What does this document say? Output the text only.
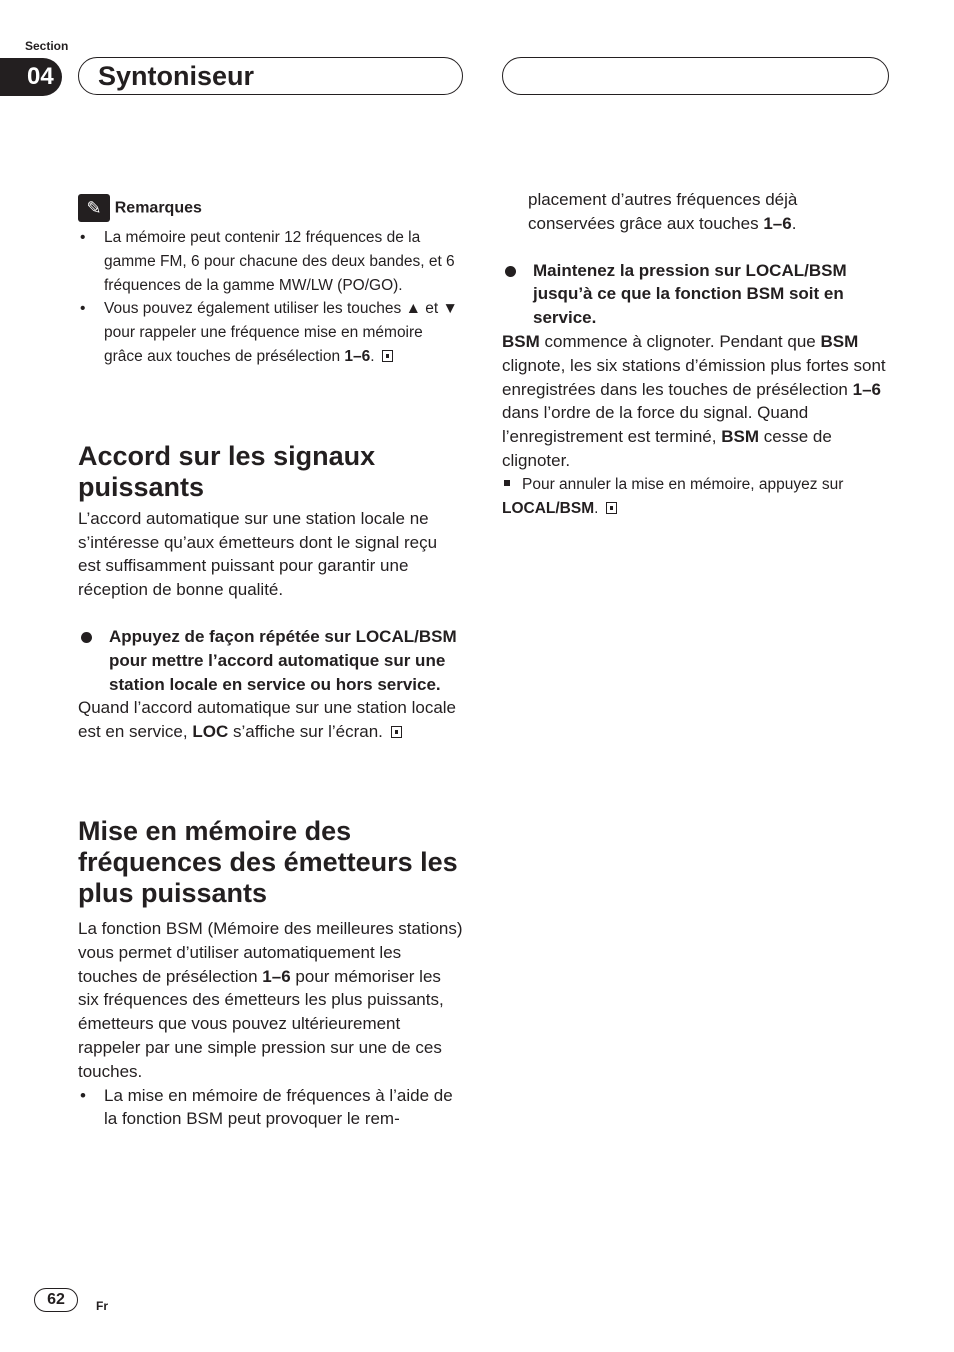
Section
04	Syntoniseur
✎ Remarques
• La mémoire peut contenir 12 fréquences de la gamme FM, 6 pour chacune des deux bandes, et 6 fréquences de la gamme MW/LW (PO/GO).
• Vous pouvez également utiliser les touches ▲ et ▼ pour rappeler une fréquence mise en mémoire grâce aux touches de présélection 1–6.
Accord sur les signaux puissants

L’accord automatique sur une station locale ne s’intéresse qu’aux émetteurs dont le signal reçu est suffisamment puissant pour garantir une réception de bonne qualité.

Appuyez de façon répétée sur LOCAL/BSM pour mettre l’accord automatique sur une station locale en service ou hors service.

Quand l’accord automatique sur une station locale est en service, LOC s’affiche sur l’écran.

Mise en mémoire des fréquences des émetteurs les plus puissants

La fonction BSM (Mémoire des meilleures stations) vous permet d’utiliser automatiquement les touches de présélection 1–6 pour mémoriser les six fréquences des émetteurs les plus puissants, émetteurs que vous pouvez ultérieurement rappeler par une simple pression sur une de ces touches.

• La mise en mémoire de fréquences à l’aide de la fonction BSM peut provoquer le rem-

placement d’autres fréquences déjà conservées grâce aux touches 1–6.

Maintenez la pression sur LOCAL/BSM jusqu’à ce que la fonction BSM soit en service.

BSM commence à clignoter. Pendant que BSM clignote, les six stations d’émission plus fortes sont enregistrées dans les touches de présélection 1–6 dans l’ordre de la force du signal. Quand l’enregistrement est terminé, BSM cesse de clignoter.

Pour annuler la mise en mémoire, appuyez sur LOCAL/BSM.

62	Fr
